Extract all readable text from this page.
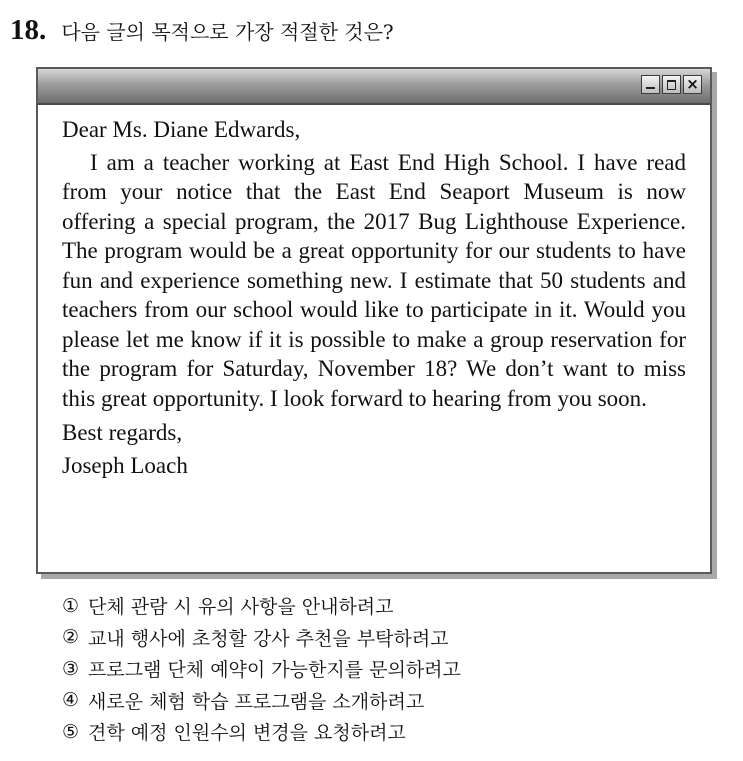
18. 다음 글의 목적으로 가장 적절한 것은?
×

Dear Ms. Diane Edwards,

I am a teacher working at East End High School. I have read from your notice that the East End Seaport Museum is now offering a special program, the 2017 Bug Lighthouse Experience. The program would be a great opportunity for our students to have fun and experience something new. I estimate that 50 students and teachers from our school would like to participate in it. Would you please let me know if it is possible to make a group reservation for the program for Saturday, November 18? We don’t want to miss this great opportunity. I look forward to hearing from you soon.

Best regards,

Joseph Loach

① 단체 관람 시 유의 사항을 안내하려고
② 교내 행사에 초청할 강사 추천을 부탁하려고
③ 프로그램 단체 예약이 가능한지를 문의하려고
④ 새로운 체험 학습 프로그램을 소개하려고
⑤ 견학 예정 인원수의 변경을 요청하려고
